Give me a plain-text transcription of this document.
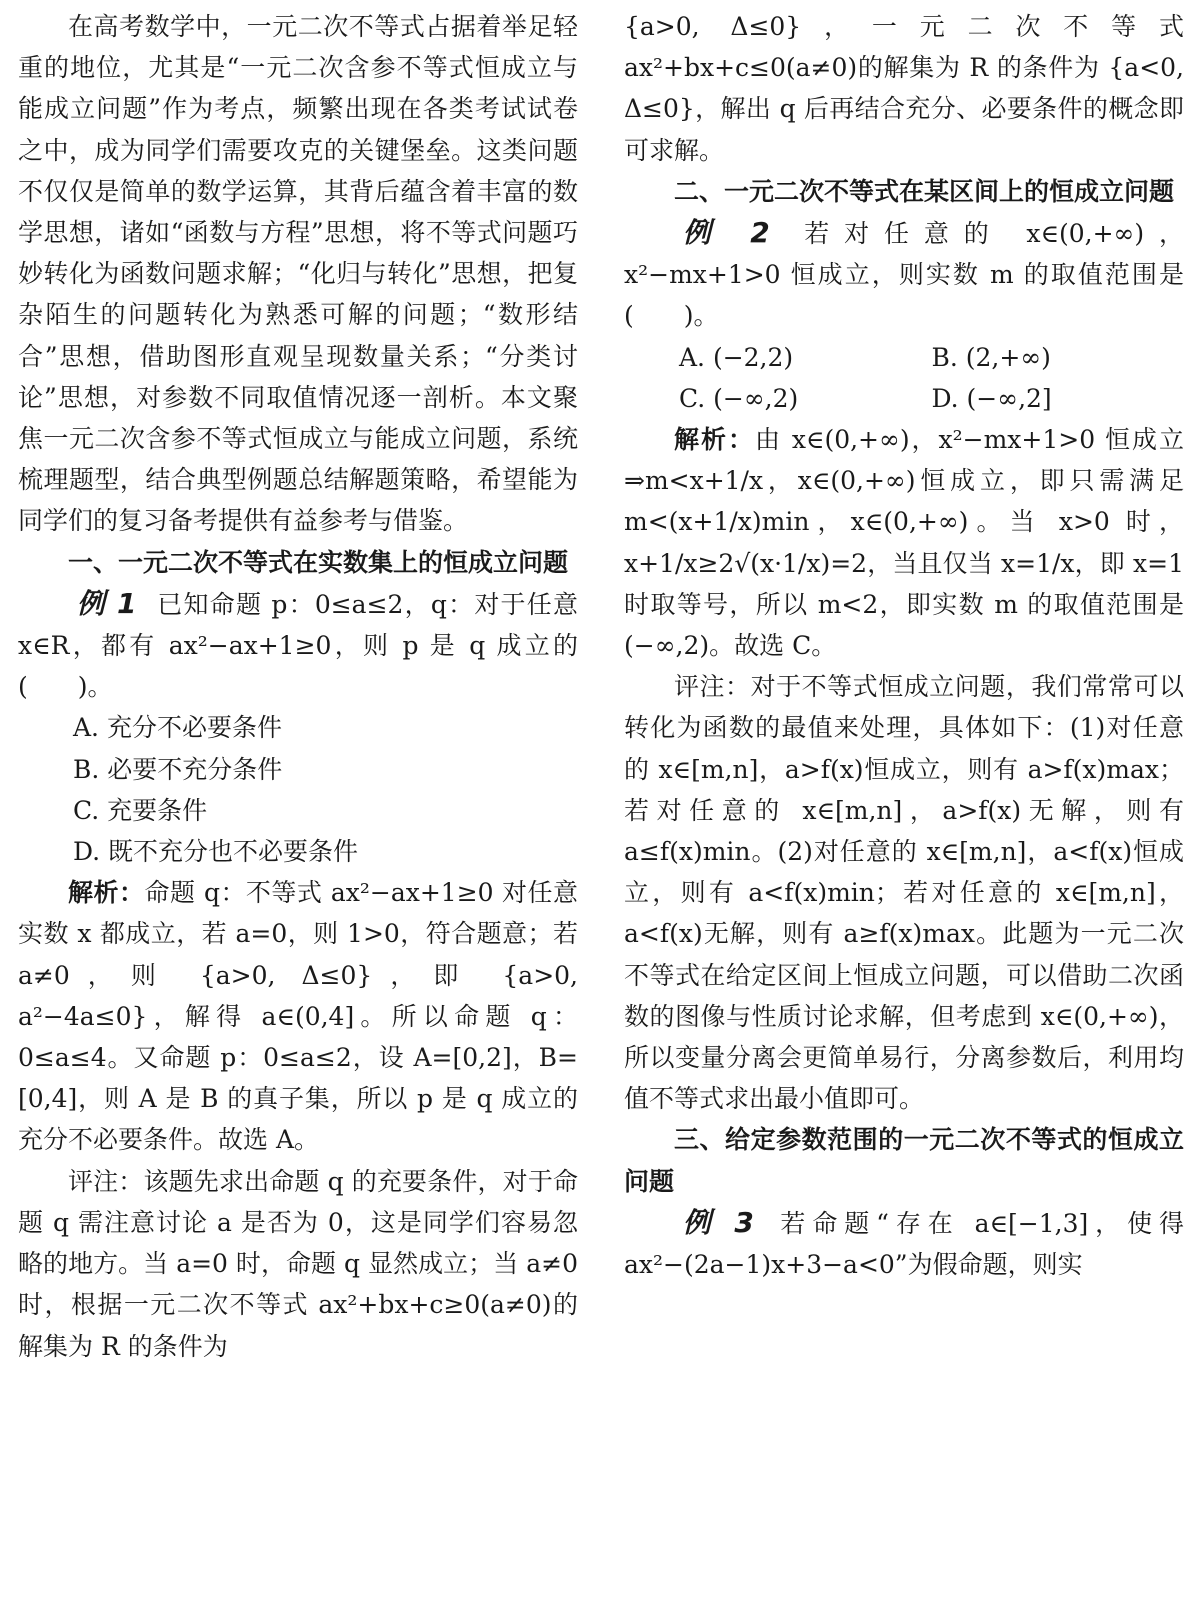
在高考数学中，一元二次不等式占据着举足轻重的地位，尤其是“一元二次含参不等式恒成立与能成立问题”作为考点，频繁出现在各类考试试卷之中，成为同学们需要攻克的关键堡垒。这类问题不仅仅是简单的数学运算，其背后蕴含着丰富的数学思想，诸如“函数与方程”思想，将不等式问题巧妙转化为函数问题求解；“化归与转化”思想，把复杂陌生的问题转化为熟悉可解的问题；“数形结合”思想，借助图形直观呈现数量关系；“分类讨论”思想，对参数不同取值情况逐一剖析。本文聚焦一元二次含参不等式恒成立与能成立问题，系统梳理题型，结合典型例题总结解题策略，希望能为同学们的复习备考提供有益参考与借鉴。

一、一元二次不等式在实数集上的恒成立问题

例 1 已知命题 p：0≤a≤2，q：对于任意 x∈R，都有 ax²−ax+1≥0，则 p 是 q 成立的(　　)。

A. 充分不必要条件

B. 必要不充分条件

C. 充要条件

D. 既不充分也不必要条件

解析：命题 q：不等式 ax²−ax+1≥0 对任意实数 x 都成立，若 a=0，则 1>0，符合题意；若 a≠0，则 {a>0, Δ≤0}，即 {a>0, a²−4a≤0}，解得 a∈(0,4]。所以命题 q：0≤a≤4。又命题 p：0≤a≤2，设 A=[0,2]，B=[0,4]，则 A 是 B 的真子集，所以 p 是 q 成立的充分不必要条件。故选 A。

评注：该题先求出命题 q 的充要条件，对于命题 q 需注意讨论 a 是否为 0，这是同学们容易忽略的地方。当 a=0 时，命题 q 显然成立；当 a≠0 时，根据一元二次不等式 ax²+bx+c≥0(a≠0)的解集为 R 的条件为

{a>0, Δ≤0}，一元二次不等式 ax²+bx+c≤0(a≠0)的解集为 R 的条件为 {a<0, Δ≤0}，解出 q 后再结合充分、必要条件的概念即可求解。

二、一元二次不等式在某区间上的恒成立问题

例 2 若对任意的 x∈(0,+∞)，x²−mx+1>0 恒成立，则实数 m 的取值范围是(　　)。

A. (−2,2)	B. (2,+∞)
C. (−∞,2)	D. (−∞,2]

解析：由 x∈(0,+∞)，x²−mx+1>0 恒成立⇒m<x+1/x，x∈(0,+∞)恒成立，即只需满足 m<(x+1/x)min，x∈(0,+∞)。当 x>0 时，x+1/x≥2√(x·1/x)=2，当且仅当 x=1/x，即 x=1 时取等号，所以 m<2，即实数 m 的取值范围是(−∞,2)。故选 C。

评注：对于不等式恒成立问题，我们常常可以转化为函数的最值来处理，具体如下：(1)对任意的 x∈[m,n]，a>f(x)恒成立，则有 a>f(x)max；若对任意的 x∈[m,n]，a>f(x)无解，则有 a≤f(x)min。(2)对任意的 x∈[m,n]，a<f(x)恒成立，则有 a<f(x)min；若对任意的 x∈[m,n]，a<f(x)无解，则有 a≥f(x)max。此题为一元二次不等式在给定区间上恒成立问题，可以借助二次函数的图像与性质讨论求解，但考虑到 x∈(0,+∞)，所以变量分离会更简单易行，分离参数后，利用均值不等式求出最小值即可。

三、给定参数范围的一元二次不等式的恒成立问题

例 3 若命题“存在 a∈[−1,3]，使得 ax²−(2a−1)x+3−a<0”为假命题，则实
